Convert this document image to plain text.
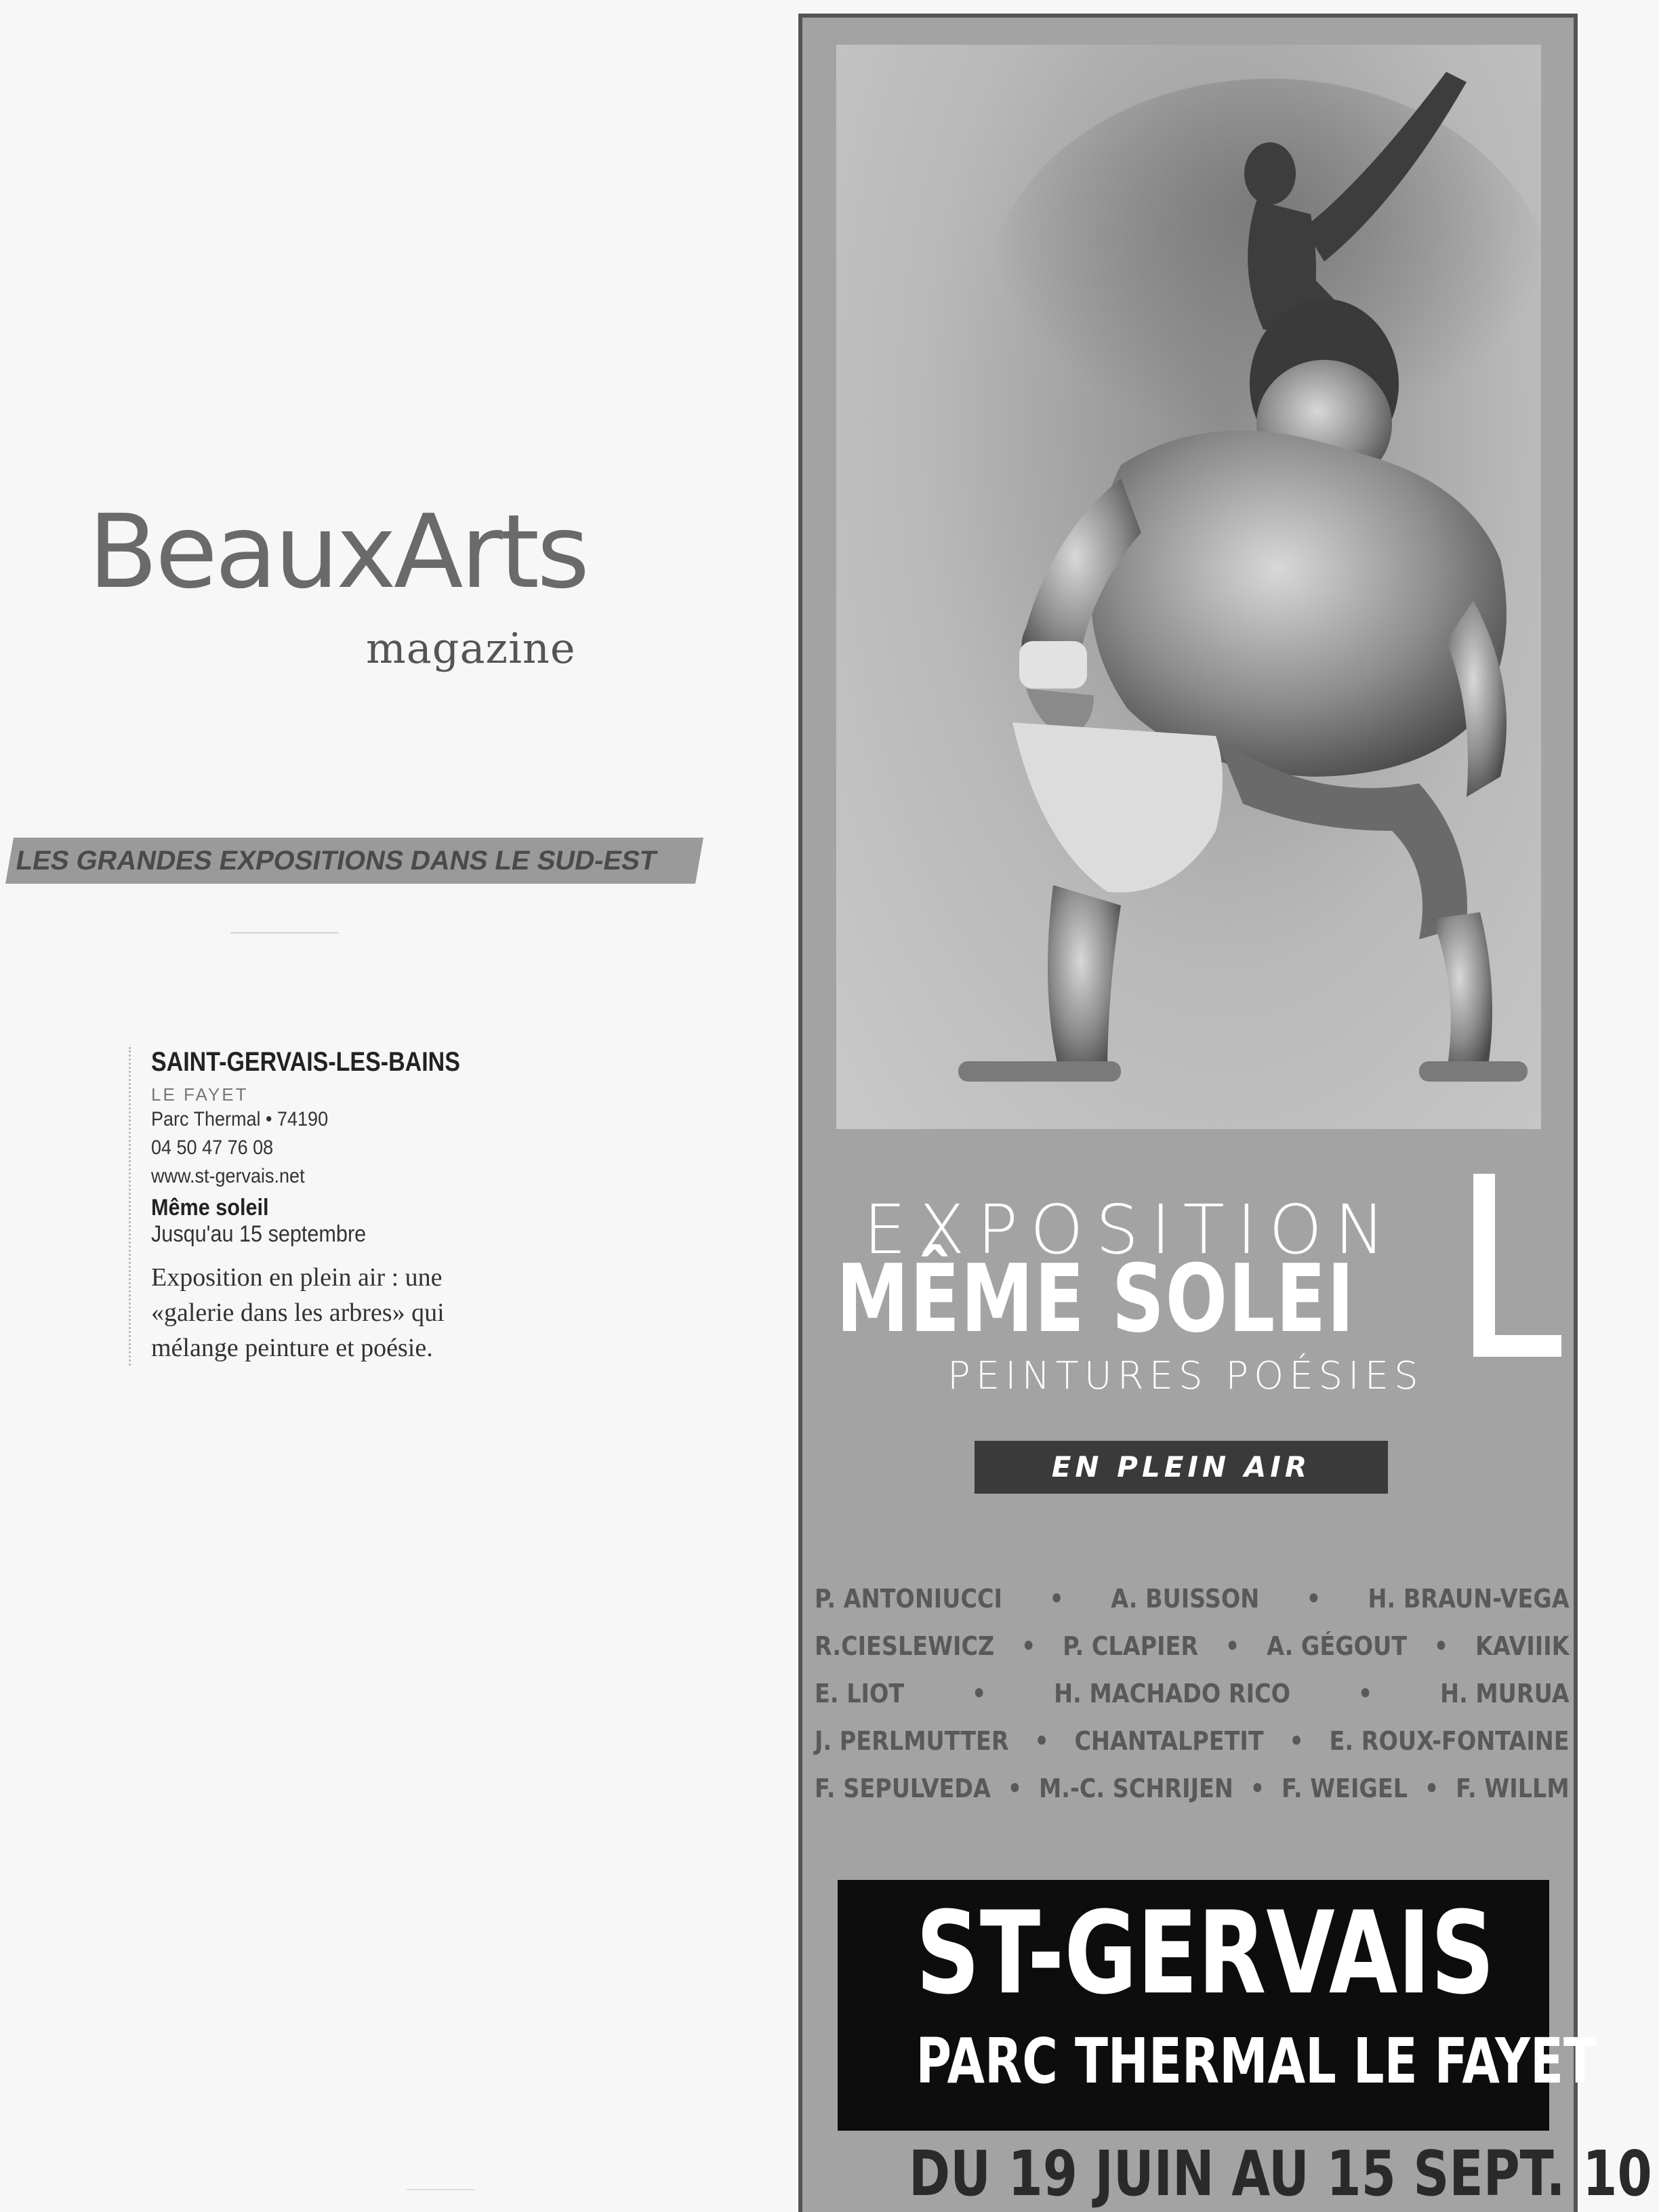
BeauxArts
magazine
LES GRANDES EXPOSITIONS DANS LE SUD-EST
SAINT-GERVAIS-LES-BAINS
LE FAYET
Parc Thermal • 74190
04 50 47 76 08
www.st-gervais.net
Même soleil
Jusqu'au 15 septembre
Exposition en plein air : une «galerie dans les arbres» qui mélange peinture et poésie.
EXPOSITION
MÊME SOLEI
PEINTURES POÉSIES
EN PLEIN AIR
P. ANTONIUCCI • A. BUISSON • H. BRAUN-VEGA
R.CIESLEWICZ • P. CLAPIER • A. GÉGOUT • KAVIIIK
E. LIOT	•	H. MACHADO RICO	•	H. MURUA
J. PERLMUTTER • CHANTALPETIT • E. ROUX-FONTAINE
F. SEPULVEDA • M.-C. SCHRIJEN • F. WEIGEL • F. WILLM
ST-GERVAIS
PARC THERMAL LE FAYET
DU 19 JUIN AU 15 SEPT. 10
